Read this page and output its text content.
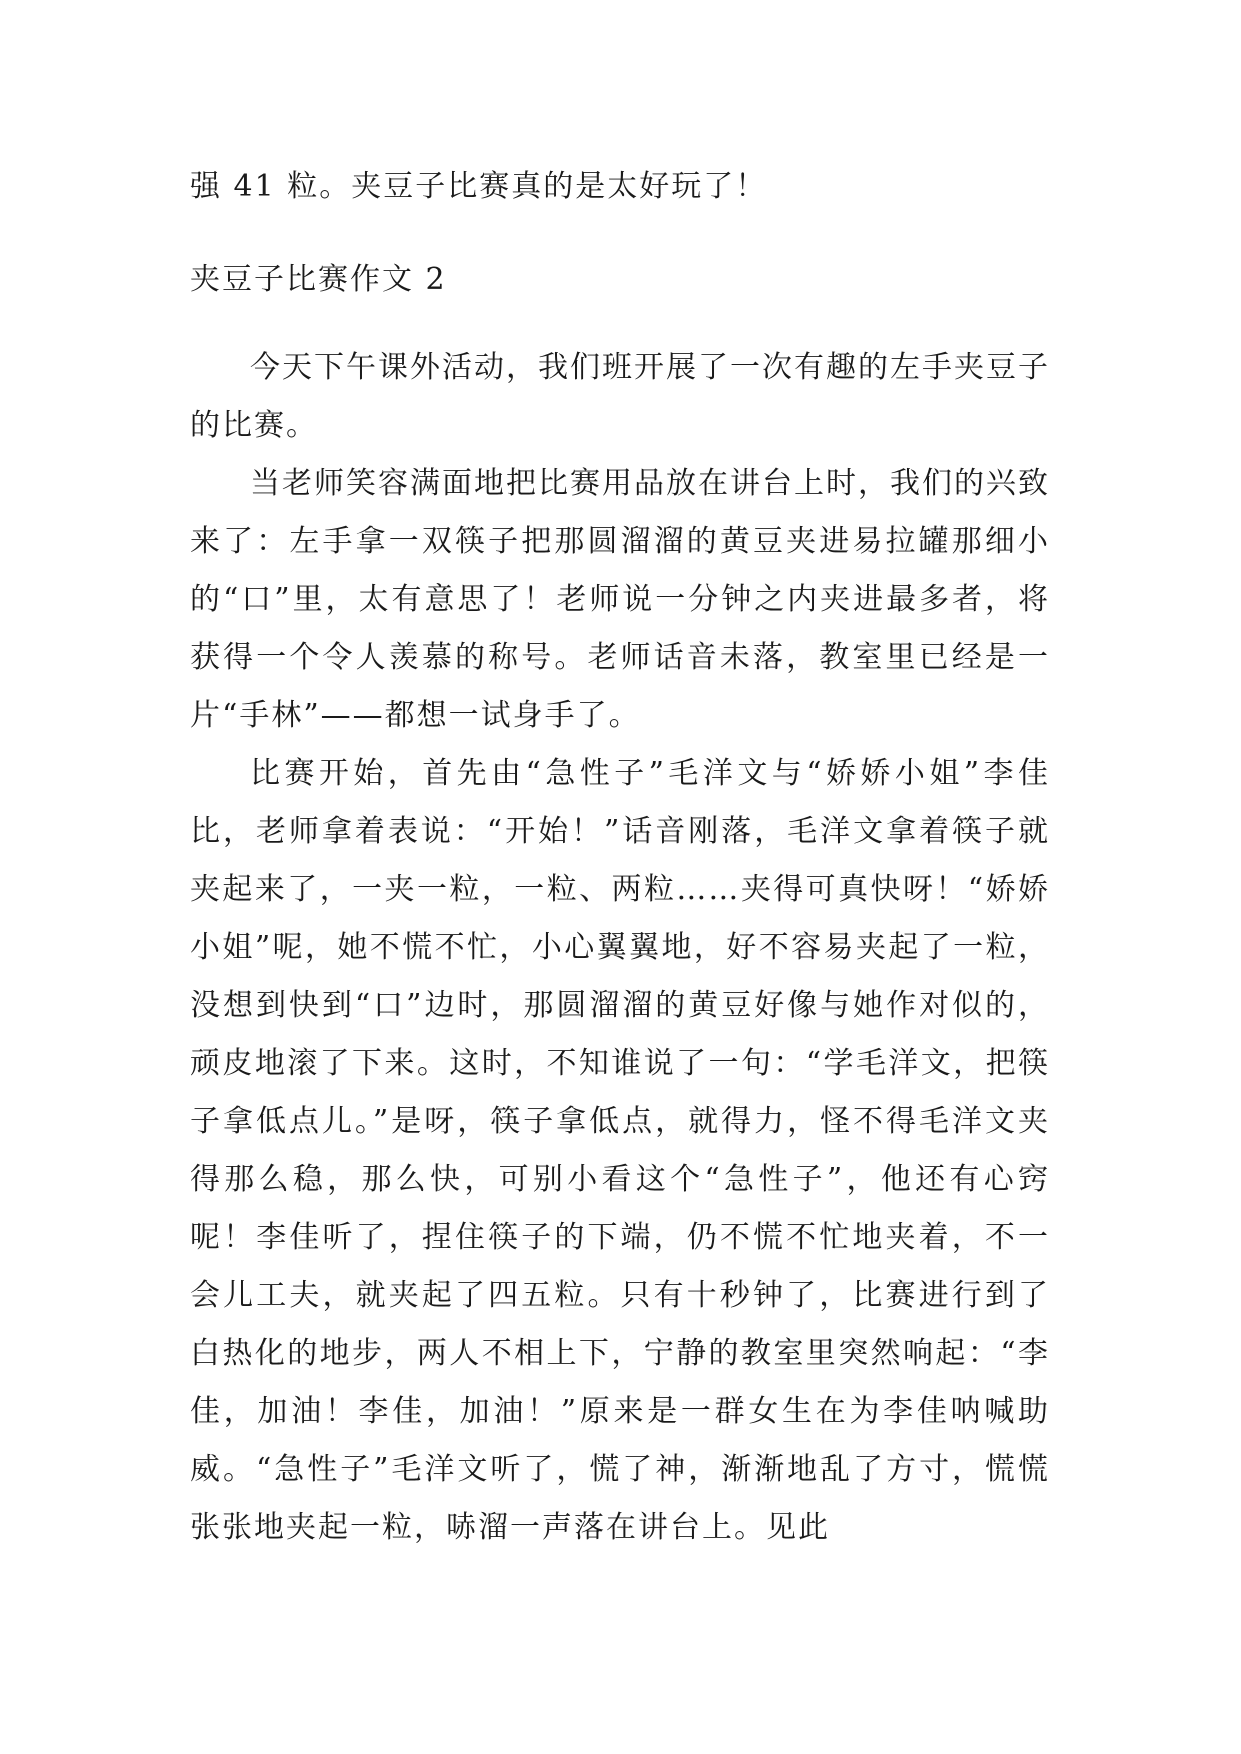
强 41 粒。夹豆子比赛真的是太好玩了！

夹豆子比赛作文 2

今天下午课外活动，我们班开展了一次有趣的左手夹豆子的比赛。

当老师笑容满面地把比赛用品放在讲台上时，我们的兴致来了：左手拿一双筷子把那圆溜溜的黄豆夹进易拉罐那细小的“口”里，太有意思了！老师说一分钟之内夹进最多者，将获得一个令人羡慕的称号。老师话音未落，教室里已经是一片“手林”——都想一试身手了。

比赛开始，首先由“急性子”毛洋文与“娇娇小姐”李佳比，老师拿着表说：“开始！”话音刚落，毛洋文拿着筷子就夹起来了，一夹一粒，一粒、两粒……夹得可真快呀！“娇娇小姐”呢，她不慌不忙，小心翼翼地，好不容易夹起了一粒，没想到快到“口”边时，那圆溜溜的黄豆好像与她作对似的，顽皮地滚了下来。这时，不知谁说了一句：“学毛洋文，把筷子拿低点儿。”是呀，筷子拿低点，就得力，怪不得毛洋文夹得那么稳，那么快，可别小看这个“急性子”，他还有心窍呢！李佳听了，捏住筷子的下端，仍不慌不忙地夹着，不一会儿工夫，就夹起了四五粒。只有十秒钟了，比赛进行到了白热化的地步，两人不相上下，宁静的教室里突然响起：“李佳，加油！李佳，加油！”原来是一群女生在为李佳呐喊助威。“急性子”毛洋文听了，慌了神，渐渐地乱了方寸，慌慌张张地夹起一粒，哧溜一声落在讲台上。见此
